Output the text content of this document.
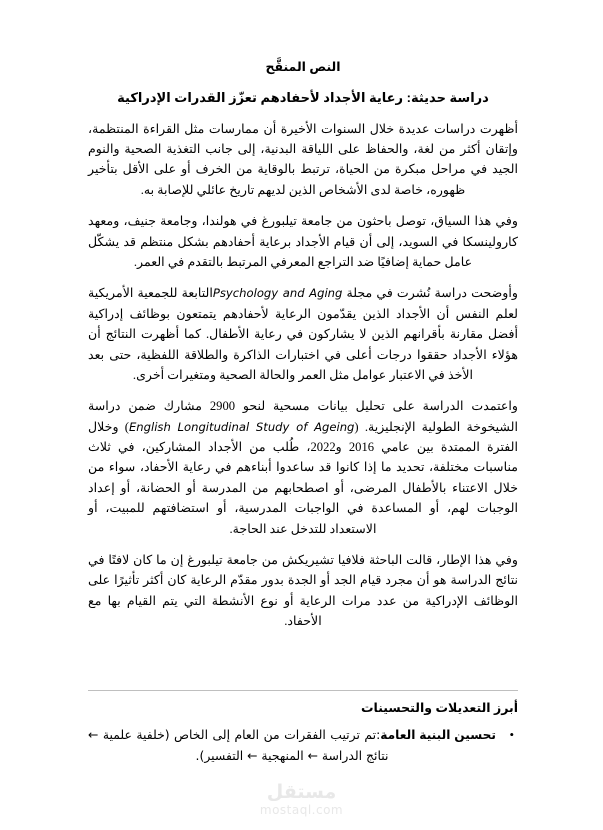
النص المنقَّح
دراسة حديثة: رعاية الأجداد لأحفادهم تعزّز القدرات الإدراكية

أظهرت دراسات عديدة خلال السنوات الأخيرة أن ممارسات مثل القراءة المنتظمة، وإتقان أكثر من لغة، والحفاظ على اللياقة البدنية، إلى جانب التغذية الصحية والنوم الجيد في مراحل مبكرة من الحياة، ترتبط بالوقاية من الخرف أو على الأقل بتأخير ظهوره، خاصة لدى الأشخاص الذين لديهم تاريخ عائلي للإصابة به.

وفي هذا السياق، توصل باحثون من جامعة تيلبورغ في هولندا، وجامعة جنيف، ومعهد كارولينسكا في السويد، إلى أن قيام الأجداد برعاية أحفادهم بشكل منتظم قد يشكّل عامل حماية إضافيًا ضد التراجع المعرفي المرتبط بالتقدم في العمر.

وأوضحت دراسة نُشرت في مجلة Psychology and Agingالتابعة للجمعية الأمريكية لعلم النفس أن الأجداد الذين يقدّمون الرعاية لأحفادهم يتمتعون بوظائف إدراكية أفضل مقارنة بأقرانهم الذين لا يشاركون في رعاية الأطفال. كما أظهرت النتائج أن هؤلاء الأجداد حققوا درجات أعلى في اختبارات الذاكرة والطلاقة اللفظية، حتى بعد الأخذ في الاعتبار عوامل مثل العمر والحالة الصحية ومتغيرات أخرى.

واعتمدت الدراسة على تحليل بيانات مسحية لنحو 2900 مشارك ضمن دراسة الشيخوخة الطولية الإنجليزية. (English Longitudinal Study of Ageing) وخلال الفترة الممتدة بين عامي 2016 و2022، طُلب من الأجداد المشاركين، في ثلاث مناسبات مختلفة، تحديد ما إذا كانوا قد ساعدوا أبناءهم في رعاية الأحفاد، سواء من خلال الاعتناء بالأطفال المرضى، أو اصطحابهم من المدرسة أو الحضانة، أو إعداد الوجبات لهم، أو المساعدة في الواجبات المدرسية، أو استضافتهم للمبيت، أو الاستعداد للتدخل عند الحاجة.

وفي هذا الإطار، قالت الباحثة فلافيا تشيريكش من جامعة تيلبورغ إن ما كان لافتًا في نتائج الدراسة هو أن مجرد قيام الجد أو الجدة بدور مقدّم الرعاية كان أكثر تأثيرًا على الوظائف الإدراكية من عدد مرات الرعاية أو نوع الأنشطة التي يتم القيام بها مع الأحفاد.

أبرز التعديلات والتحسينات
• تحسين البنية العامة:تم ترتيب الفقرات من العام إلى الخاص (خلفية علمية ← نتائج الدراسة ← المنهجية ← التفسير).
مستقل
mostaql.com
